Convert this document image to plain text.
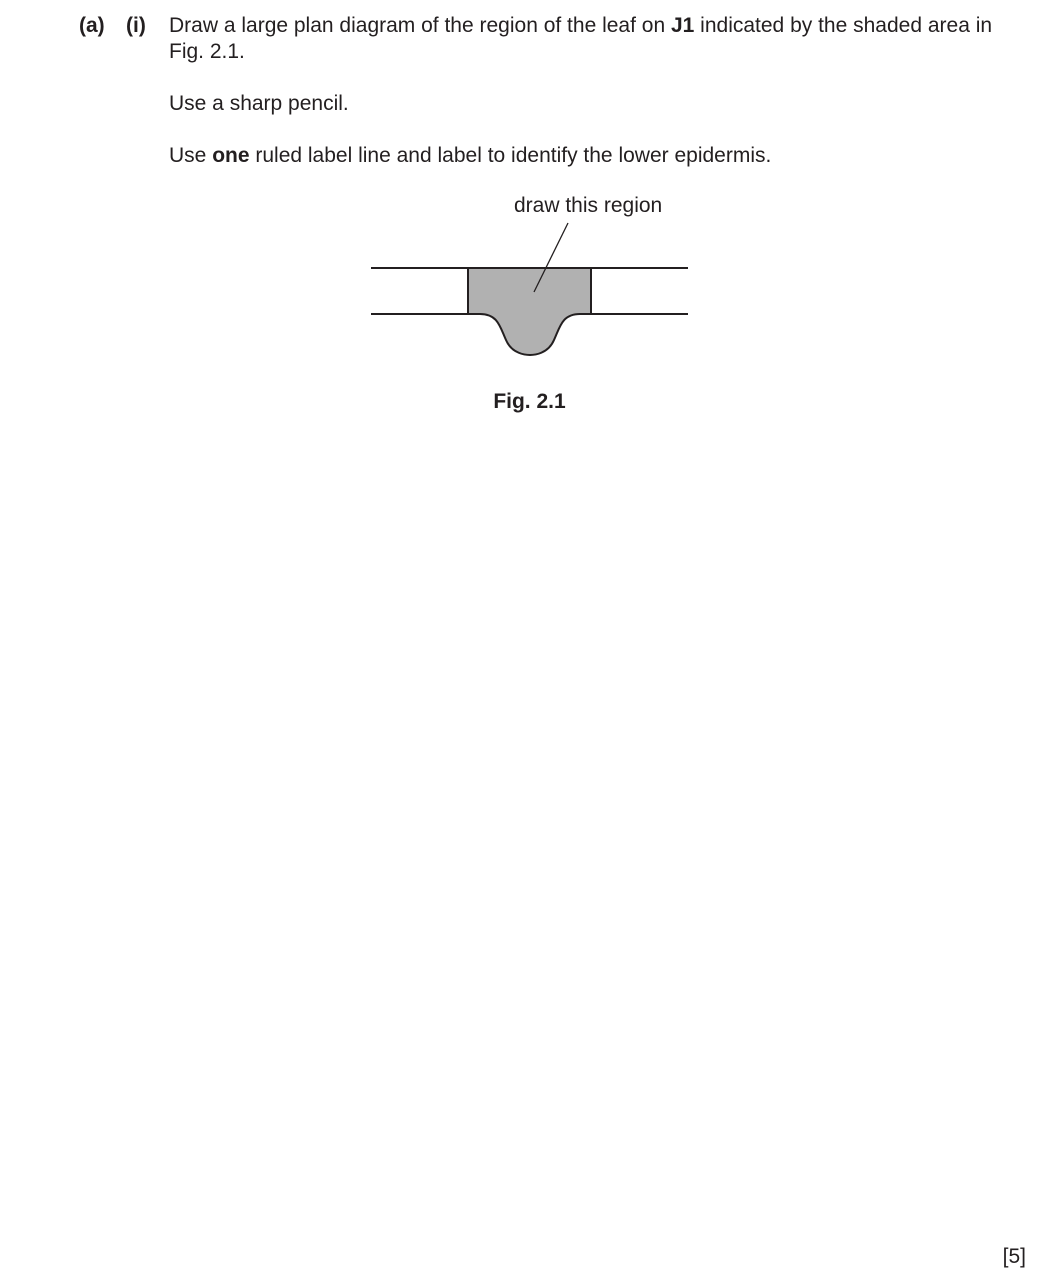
(a) (i) Draw a large plan diagram of the region of the leaf on J1 indicated by the shaded area in
Fig. 2.1.
Use a sharp pencil.
Use one ruled label line and label to identify the lower epidermis.
draw this region
Fig. 2.1
[5]
